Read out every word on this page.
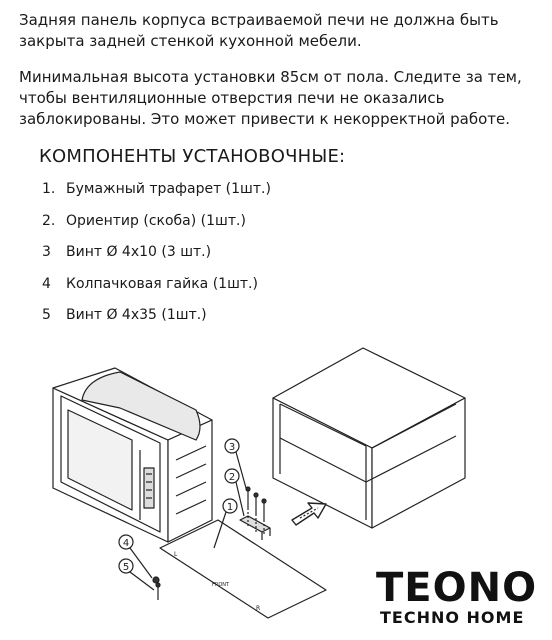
Задняя панель корпуса встраиваемой печи не должна быть закрыта задней стенкой кухонной мебели.

Минимальная высота установки 85см от пола. Следите за тем, чтобы вентиляционные отверстия печи не оказались заблокированы. Это может привести к некорректной работе.

КОМПОНЕНТЫ УСТАНОВОЧНЫЕ:
1. Бумажный трафарет (1шт.)
2. Ориентир (скоба) (1шт.)
3 Винт Ø 4x10 (3 шт.)
4 Колпачковая гайка (1шт.)
5 Винт Ø 4x35 (1шт.)
FRONT
L
R
1
2
3
4
5	TEONO
TECHNO HOME
